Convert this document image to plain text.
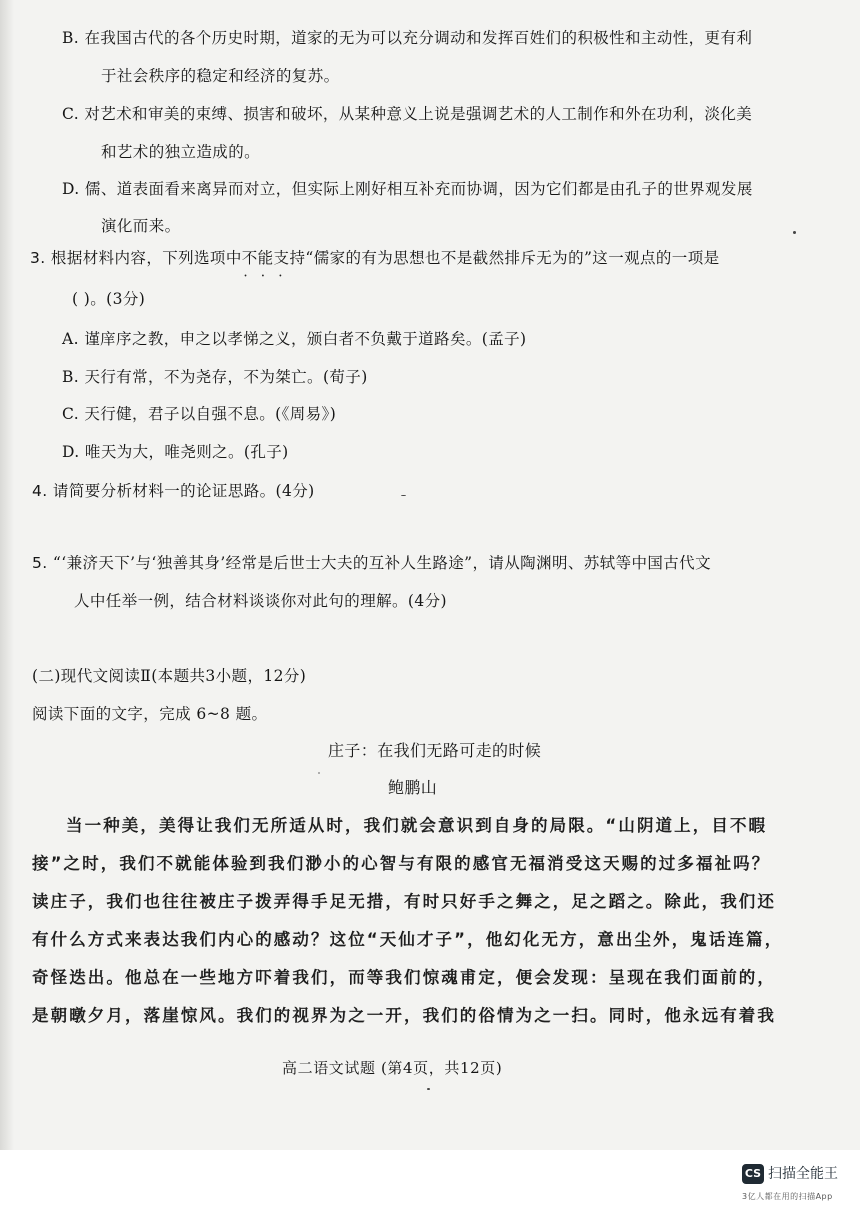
B. 在我国古代的各个历史时期，道家的无为可以充分调动和发挥百姓们的积极性和主动性，更有利
于社会秩序的稳定和经济的复苏。
C. 对艺术和审美的束缚、损害和破坏，从某种意义上说是强调艺术的人工制作和外在功利，淡化美
和艺术的独立造成的。
D. 儒、道表面看来离异而对立，但实际上刚好相互补充而协调，因为它们都是由孔子的世界观发展
演化而来。
3. 根据材料内容，下列选项中不能 • • •支持“儒家的有为思想也不是截然排斥无为的”这一观点的一项是
( )。(3分)
A. 谨庠序之教，申之以孝悌之义，颁白者不负戴于道路矣。(孟子)
B. 天行有常，不为尧存，不为桀亡。(荀子)
C. 天行健，君子以自强不息。(《周易》)
D. 唯天为大，唯尧则之。(孔子)
4. 请简要分析材料一的论证思路。(4分)
5. “‘兼济天下’与‘独善其身’经常是后世士大夫的互补人生路途”，请从陶渊明、苏轼等中国古代文
人中任举一例，结合材料谈谈你对此句的理解。(4分)
(二)现代文阅读Ⅱ(本题共3小题，12分)
阅读下面的文字，完成 6~8 题。
庄子：在我们无路可走的时候
鲍鹏山
当一种美，美得让我们无所适从时，我们就会意识到自身的局限。“山阴道上，目不暇
接”之时，我们不就能体验到我们渺小的心智与有限的感官无福消受这天赐的过多福祉吗？
读庄子，我们也往往被庄子拨弄得手足无措，有时只好手之舞之，足之蹈之。除此，我们还
有什么方式来表达我们内心的感动？这位“天仙才子”，他幻化无方，意出尘外，鬼话连篇，
奇怪迭出。他总在一些地方吓着我们，而等我们惊魂甫定，便会发现：呈现在我们面前的，
是朝暾夕月，落崖惊风。我们的视界为之一开，我们的俗情为之一扫。同时，他永远有着我
高二语文试题 (第4页，共12页)
CS 扫描全能王
3亿人都在用的扫描App
